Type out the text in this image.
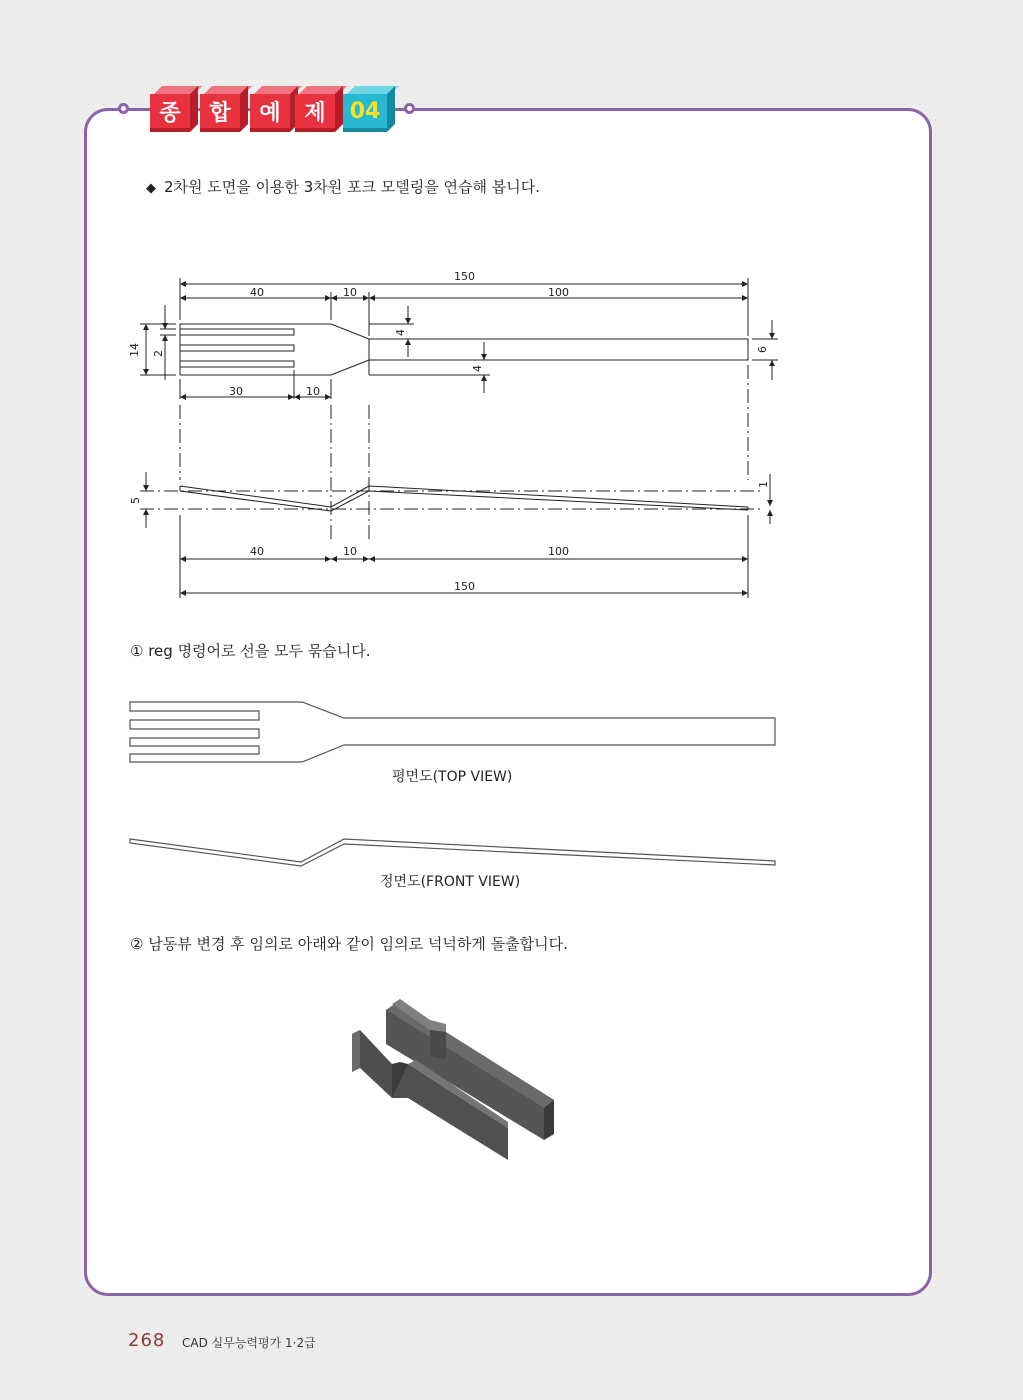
종 합 예 제 04
◆ 2차원 도면을 이용한 3차원 포크 모델링을 연습해 봅니다.
150
40	10	100
14 2
4
4
6
30	10
5
1
40	10	100
150
① reg 명령어로 선을 모두 묶습니다.
평면도(TOP VIEW)
정면도(FRONT VIEW)
② 남동뷰 변경 후 임의로 아래와 같이 임의로 넉넉하게 돌출합니다.
268 CAD 실무능력평가 1·2급
